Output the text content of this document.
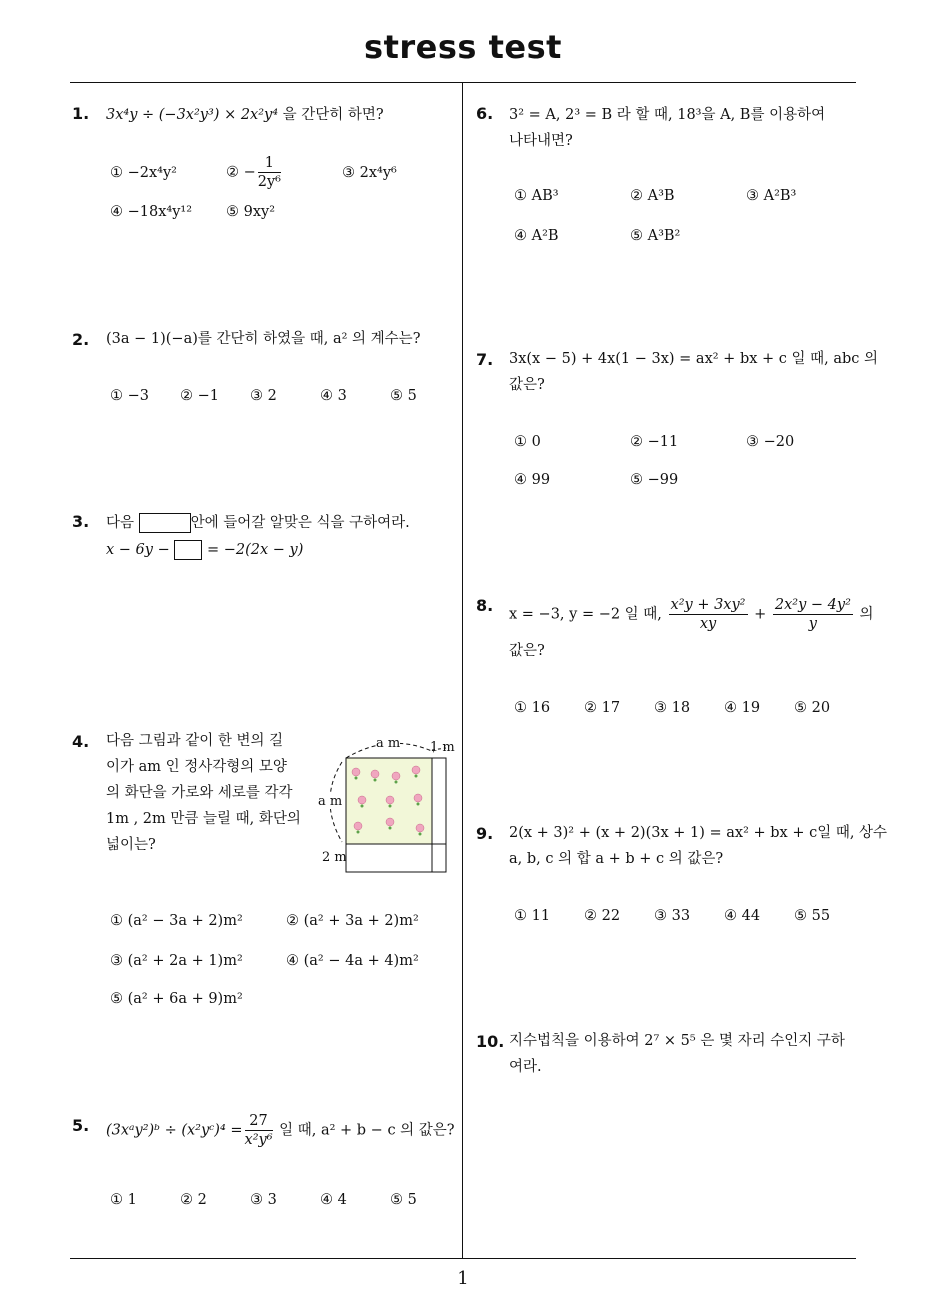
stress test
1
1. 3x⁴y ÷ (−3x²y³) × 2x²y⁴ 을 간단히 하면?
① −2x⁴y²	② − $\frac{1}{\text{2y⁶}}$	③ 2x⁴y⁶
④ −18x⁴y¹² ⑤ 9xy²
2. (3a − 1)(−a)를 간단히 하였을 때, a² 의 계수는?
① −3 ② −1 ③ 2	④ 3	⑤ 5
3. 다음	안에 들어갈 알맞은 식을 구하여라.
x − 6y −	= −2(2x − y)
4. 다음 그림과 같이 한 변의 길
이가 am 인 정사각형의 모양
의 화단을 가로와 세로를 각각
1m , 2m 만큼 늘릴 때, 화단의
넓이는?
a m 1 m
a m
2 m
① (a² − 3a + 2)m²	② (a² + 3a + 2)m²
③ (a² + 2a + 1)m²	④ (a² − 4a + 4)m²
⑤ (a² + 6a + 9)m²
5. (3xᵃy²)ᵇ ÷ (x²yᶜ)⁴ = $\frac{27}{\text{x²y⁶}}$ 일 때, a² + b − c 의 값은?
① 1	② 2	③ 3	④ 4	⑤ 5
6. 3² = A, 2³ = B 라 할 때, 18³을 A, B를 이용하여
나타내면?
① AB³	② A³B	③ A²B³
④ A²B	⑤ A³B²
7. 3x(x − 5) + 4x(1 − 3x) = ax² + bx + c 일 때, abc 의
값은?
① 0	② −11	③ −20
④ 99	⑤ −99
8. x = −3, y = −2 일 때, $\frac{\text{x²y + 3xy²}}{xy} + \frac{\text{2x²y − 4y²}}{y}$ 의
값은?
① 16 ② 17 ③ 18 ④ 19 ⑤ 20
9. 2(x + 3)² + (x + 2)(3x + 1) = ax² + bx + c일 때, 상수
a, b, c 의 합 a + b + c 의 값은?
① 11 ② 22 ③ 33 ④ 44 ⑤ 55
10. 지수법칙을 이용하여 2⁷ × 5⁵ 은 몇 자리 수인지 구하
여라.
